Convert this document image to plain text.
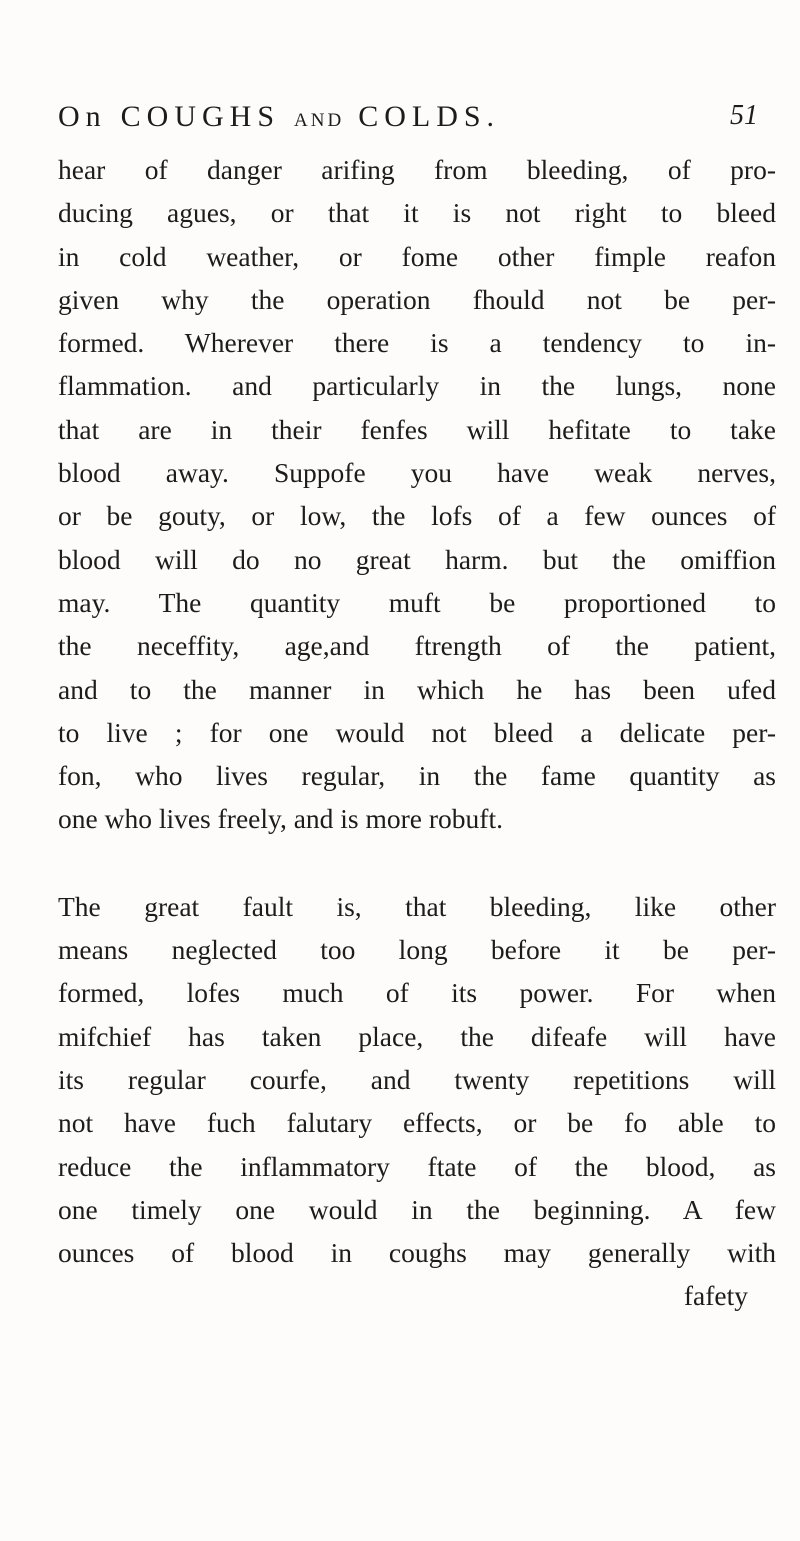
On COUGHS AND COLDS.	51
hear of danger arifing from bleeding, of pro-
ducing agues, or that it is not right to bleed
in cold weather, or fome other fimple reafon
given why the operation fhould not be per-
formed. Wherever there is a tendency to in-
flammation. and particularly in the lungs, none
that are in their fenfes will hefitate to take
blood away. Suppofe you have weak nerves,
or be gouty, or low, the lofs of a few ounces of
blood will do no great harm. but the omiffion
may. The quantity muft be proportioned to
the neceffity, age,and ftrength of the patient,
and to the manner in which he has been ufed
to live ; for one would not bleed a delicate per-
fon, who lives regular, in the fame quantity as
one who lives freely, and is more robuft.
The great fault is, that bleeding, like other
means neglected too long before it be per-
formed, lofes much of its power. For when
mifchief has taken place, the difeafe will have
its regular courfe, and twenty repetitions will
not have fuch falutary effects, or be fo able to
reduce the inflammatory ftate of the blood, as
one timely one would in the beginning. A few
ounces of blood in coughs may generally with
fafety
